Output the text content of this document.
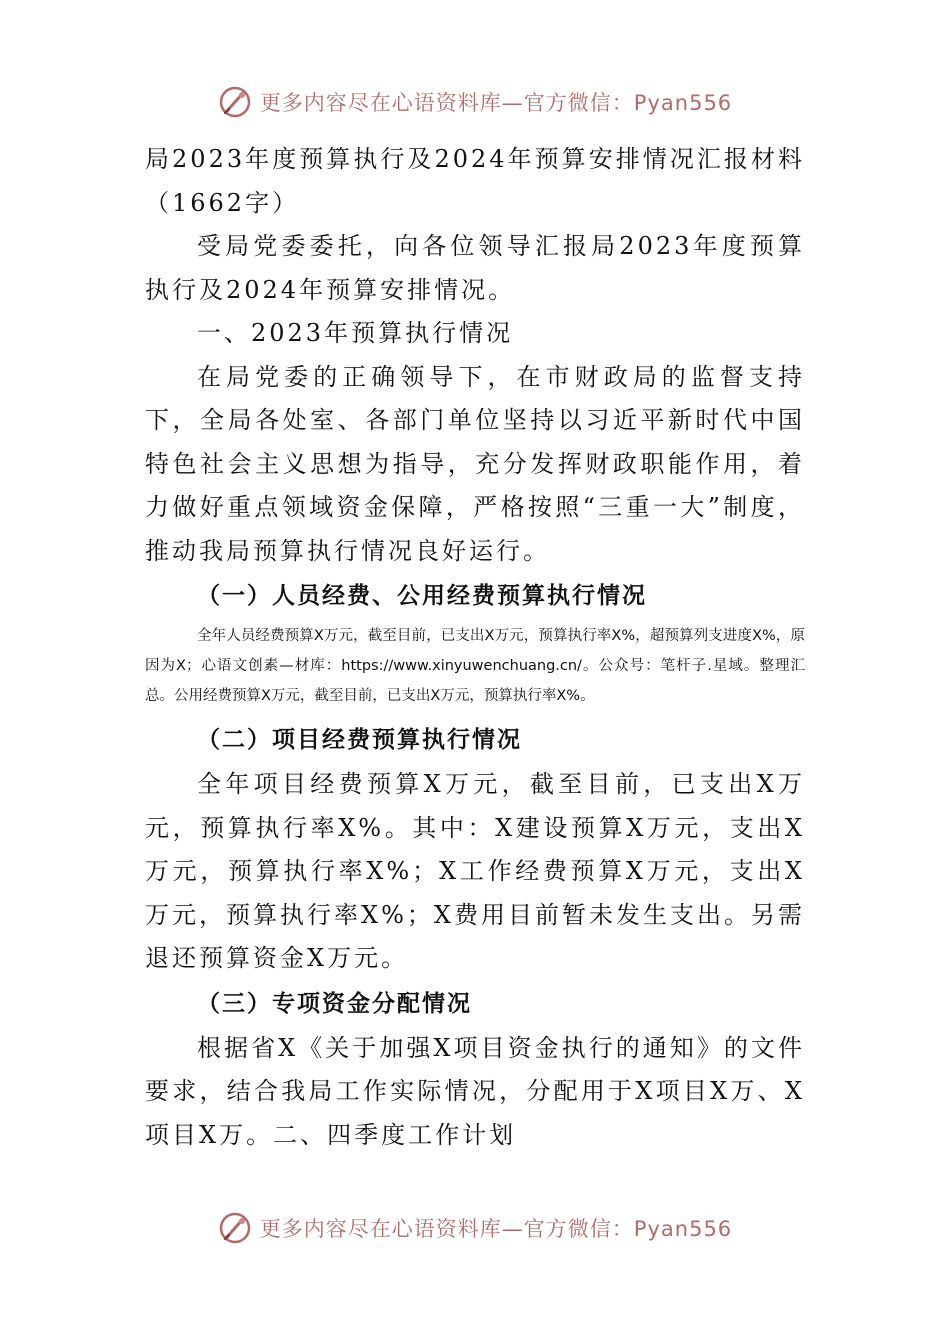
更多内容尽在心语资料库—官方微信：Pyan556

局2023年度预算执行及2024年预算安排情况汇报材料（1662字）

受局党委委托，向各位领导汇报局2023年度预算执行及2024年预算安排情况。

一、2023年预算执行情况

在局党委的正确领导下，在市财政局的监督支持下，全局各处室、各部门单位坚持以习近平新时代中国特色社会主义思想为指导，充分发挥财政职能作用，着力做好重点领域资金保障，严格按照“三重一大”制度，推动我局预算执行情况良好运行。

（一）人员经费、公用经费预算执行情况

全年人员经费预算X万元，截至目前，已支出X万元，预算执行率X%，超预算列支进度X%，原因为X；心语文创素—材库：https://www.xinyuwenchuang.cn/。公众号：笔杆子.星域。整理汇总。公用经费预算X万元，截至目前，已支出X万元，预算执行率X%。

（二）项目经费预算执行情况

全年项目经费预算X万元，截至目前，已支出X万元，预算执行率X%。其中：X建设预算X万元，支出X万元，预算执行率X%；X工作经费预算X万元，支出X万元，预算执行率X%；X费用目前暂未发生支出。另需退还预算资金X万元。

（三）专项资金分配情况

根据省X《关于加强X项目资金执行的通知》的文件要求，结合我局工作实际情况，分配用于X项目X万、X项目X万。二、四季度工作计划

更多内容尽在心语资料库—官方微信：Pyan556
